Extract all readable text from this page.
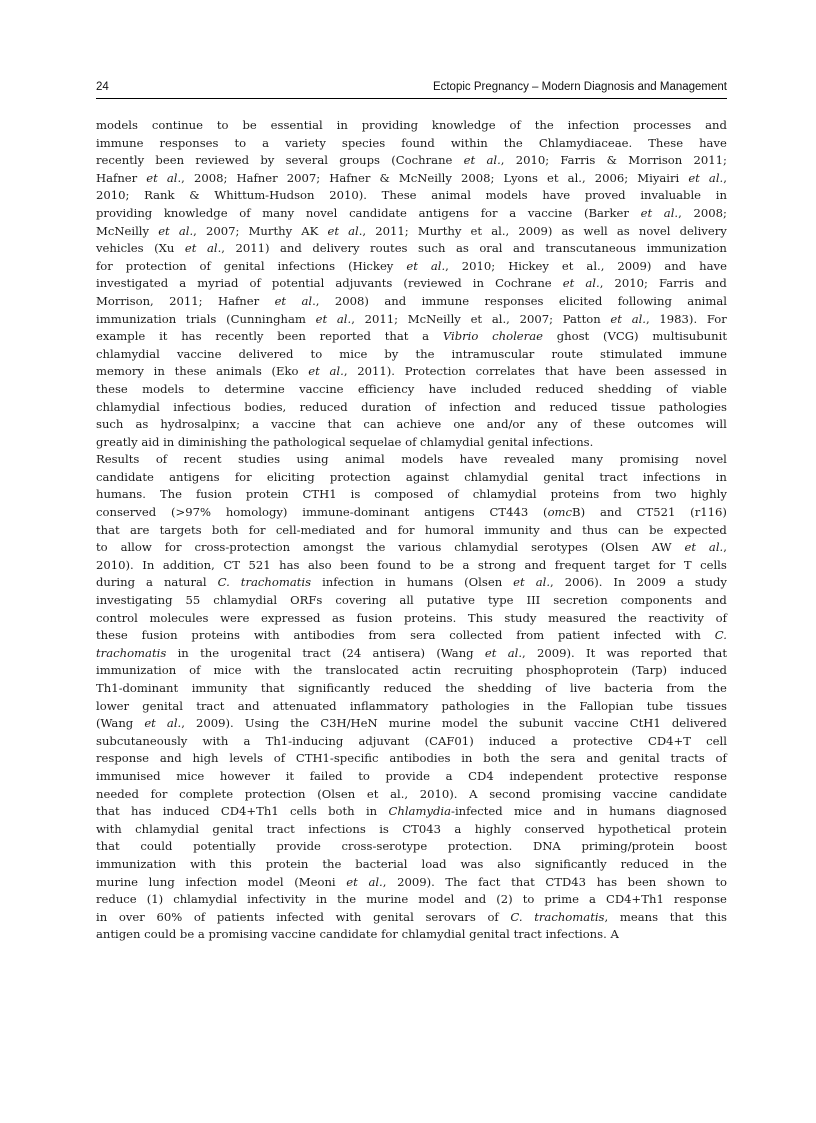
24	Ectopic Pregnancy – Modern Diagnosis and Management

models continue to be essential in providing knowledge of the infection processes and
immune responses to a variety species found within the Chlamydiaceae. These have
recently been reviewed by several groups (Cochrane et al., 2010; Farris & Morrison 2011;
Hafner et al., 2008; Hafner 2007; Hafner & McNeilly 2008; Lyons et al., 2006; Miyairi et al.,
2010; Rank & Whittum-Hudson 2010). These animal models have proved invaluable in
providing knowledge of many novel candidate antigens for a vaccine (Barker et al., 2008;
McNeilly et al., 2007; Murthy AK et al., 2011; Murthy et al., 2009) as well as novel delivery
vehicles (Xu et al., 2011) and delivery routes such as oral and transcutaneous immunization
for protection of genital infections (Hickey et al., 2010; Hickey et al., 2009) and have
investigated a myriad of potential adjuvants (reviewed in Cochrane et al., 2010; Farris and
Morrison, 2011; Hafner et al., 2008) and immune responses elicited following animal
immunization trials (Cunningham et al., 2011; McNeilly et al., 2007; Patton et al., 1983). For
example it has recently been reported that a Vibrio cholerae ghost (VCG) multisubunit
chlamydial vaccine delivered to mice by the intramuscular route stimulated immune
memory in these animals (Eko et al., 2011). Protection correlates that have been assessed in
these models to determine vaccine efficiency have included reduced shedding of viable
chlamydial infectious bodies, reduced duration of infection and reduced tissue pathologies
such as hydrosalpinx; a vaccine that can achieve one and/or any of these outcomes will
greatly aid in diminishing the pathological sequelae of chlamydial genital infections.

Results of recent studies using animal models have revealed many promising novel
candidate antigens for eliciting protection against chlamydial genital tract infections in
humans. The fusion protein CTH1 is composed of chlamydial proteins from two highly
conserved (>97% homology) immune-dominant antigens CT443 (omcB) and CT521 (r116)
that are targets both for cell-mediated and for humoral immunity and thus can be expected
to allow for cross-protection amongst the various chlamydial serotypes (Olsen AW et al.,
2010). In addition, CT 521 has also been found to be a strong and frequent target for T cells
during a natural C. trachomatis infection in humans (Olsen et al., 2006). In 2009 a study
investigating 55 chlamydial ORFs covering all putative type III secretion components and
control molecules were expressed as fusion proteins. This study measured the reactivity of
these fusion proteins with antibodies from sera collected from patient infected with C.
trachomatis in the urogenital tract (24 antisera) (Wang et al., 2009). It was reported that
immunization of mice with the translocated actin recruiting phosphoprotein (Tarp) induced
Th1-dominant immunity that significantly reduced the shedding of live bacteria from the
lower genital tract and attenuated inflammatory pathologies in the Fallopian tube tissues
(Wang et al., 2009). Using the C3H/HeN murine model the subunit vaccine CtH1 delivered
subcutaneously with a Th1-inducing adjuvant (CAF01) induced a protective CD4+T cell
response and high levels of CTH1-specific antibodies in both the sera and genital tracts of
immunised mice however it failed to provide a CD4 independent protective response
needed for complete protection (Olsen et al., 2010). A second promising vaccine candidate
that has induced CD4+Th1 cells both in Chlamydia-infected mice and in humans diagnosed
with chlamydial genital tract infections is CT043 a highly conserved hypothetical protein
that could potentially provide cross-serotype protection. DNA priming/protein boost
immunization with this protein the bacterial load was also significantly reduced in the
murine lung infection model (Meoni et al., 2009). The fact that CTD43 has been shown to
reduce (1) chlamydial infectivity in the murine model and (2) to prime a CD4+Th1 response
in over 60% of patients infected with genital serovars of C. trachomatis, means that this
antigen could be a promising vaccine candidate for chlamydial genital tract infections. A
